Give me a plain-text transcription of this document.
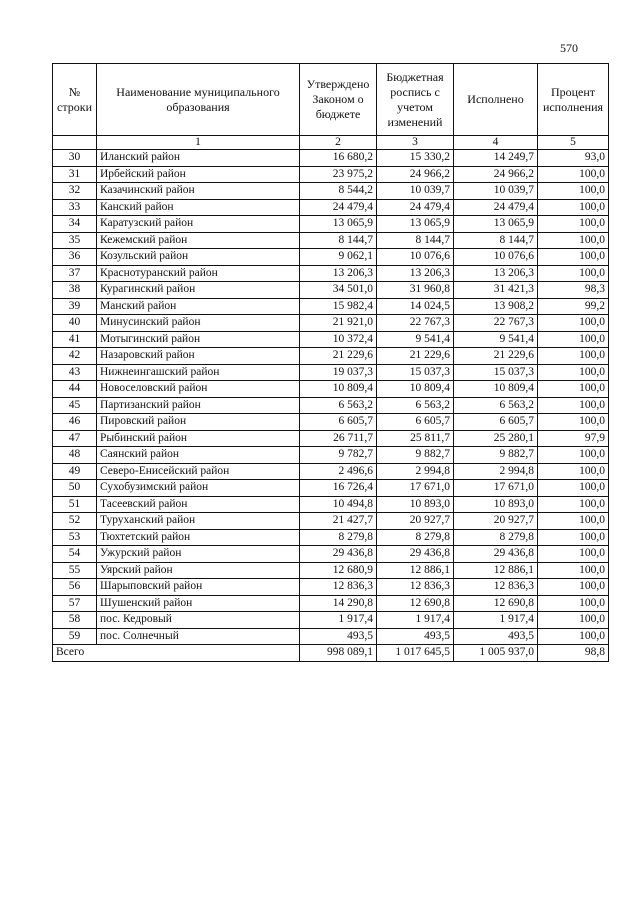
570
№ строки	Наименование муниципального образования	Утверждено Законом о бюджете	Бюджетная роспись с учетом изменений	Исполнено	Процент исполнения
	1	2	3	4	5
30	Иланский район	16 680,2	15 330,2	14 249,7	93,0
31	Ирбейский район	23 975,2	24 966,2	24 966,2	100,0
32	Казачинский район	8 544,2	10 039,7	10 039,7	100,0
33	Канский район	24 479,4	24 479,4	24 479,4	100,0
34	Каратузский район	13 065,9	13 065,9	13 065,9	100,0
35	Кежемский район	8 144,7	8 144,7	8 144,7	100,0
36	Козульский район	9 062,1	10 076,6	10 076,6	100,0
37	Краснотуранский район	13 206,3	13 206,3	13 206,3	100,0
38	Курагинский район	34 501,0	31 960,8	31 421,3	98,3
39	Манский район	15 982,4	14 024,5	13 908,2	99,2
40	Минусинский район	21 921,0	22 767,3	22 767,3	100,0
41	Мотыгинский район	10 372,4	9 541,4	9 541,4	100,0
42	Назаровский район	21 229,6	21 229,6	21 229,6	100,0
43	Нижнеингашский район	19 037,3	15 037,3	15 037,3	100,0
44	Новоселовский район	10 809,4	10 809,4	10 809,4	100,0
45	Партизанский район	6 563,2	6 563,2	6 563,2	100,0
46	Пировский район	6 605,7	6 605,7	6 605,7	100,0
47	Рыбинский район	26 711,7	25 811,7	25 280,1	97,9
48	Саянский район	9 782,7	9 882,7	9 882,7	100,0
49	Северо-Енисейский район	2 496,6	2 994,8	2 994,8	100,0
50	Сухобузимский район	16 726,4	17 671,0	17 671,0	100,0
51	Тасеевский район	10 494,8	10 893,0	10 893,0	100,0
52	Туруханский район	21 427,7	20 927,7	20 927,7	100,0
53	Тюхтетский район	8 279,8	8 279,8	8 279,8	100,0
54	Ужурский район	29 436,8	29 436,8	29 436,8	100,0
55	Уярский район	12 680,9	12 886,1	12 886,1	100,0
56	Шарыповский район	12 836,3	12 836,3	12 836,3	100,0
57	Шушенский район	14 290,8	12 690,8	12 690,8	100,0
58	пос. Кедровый	1 917,4	1 917,4	1 917,4	100,0
59	пос. Солнечный	493,5	493,5	493,5	100,0
Всего		998 089,1	1 017 645,5	1 005 937,0	98,8
